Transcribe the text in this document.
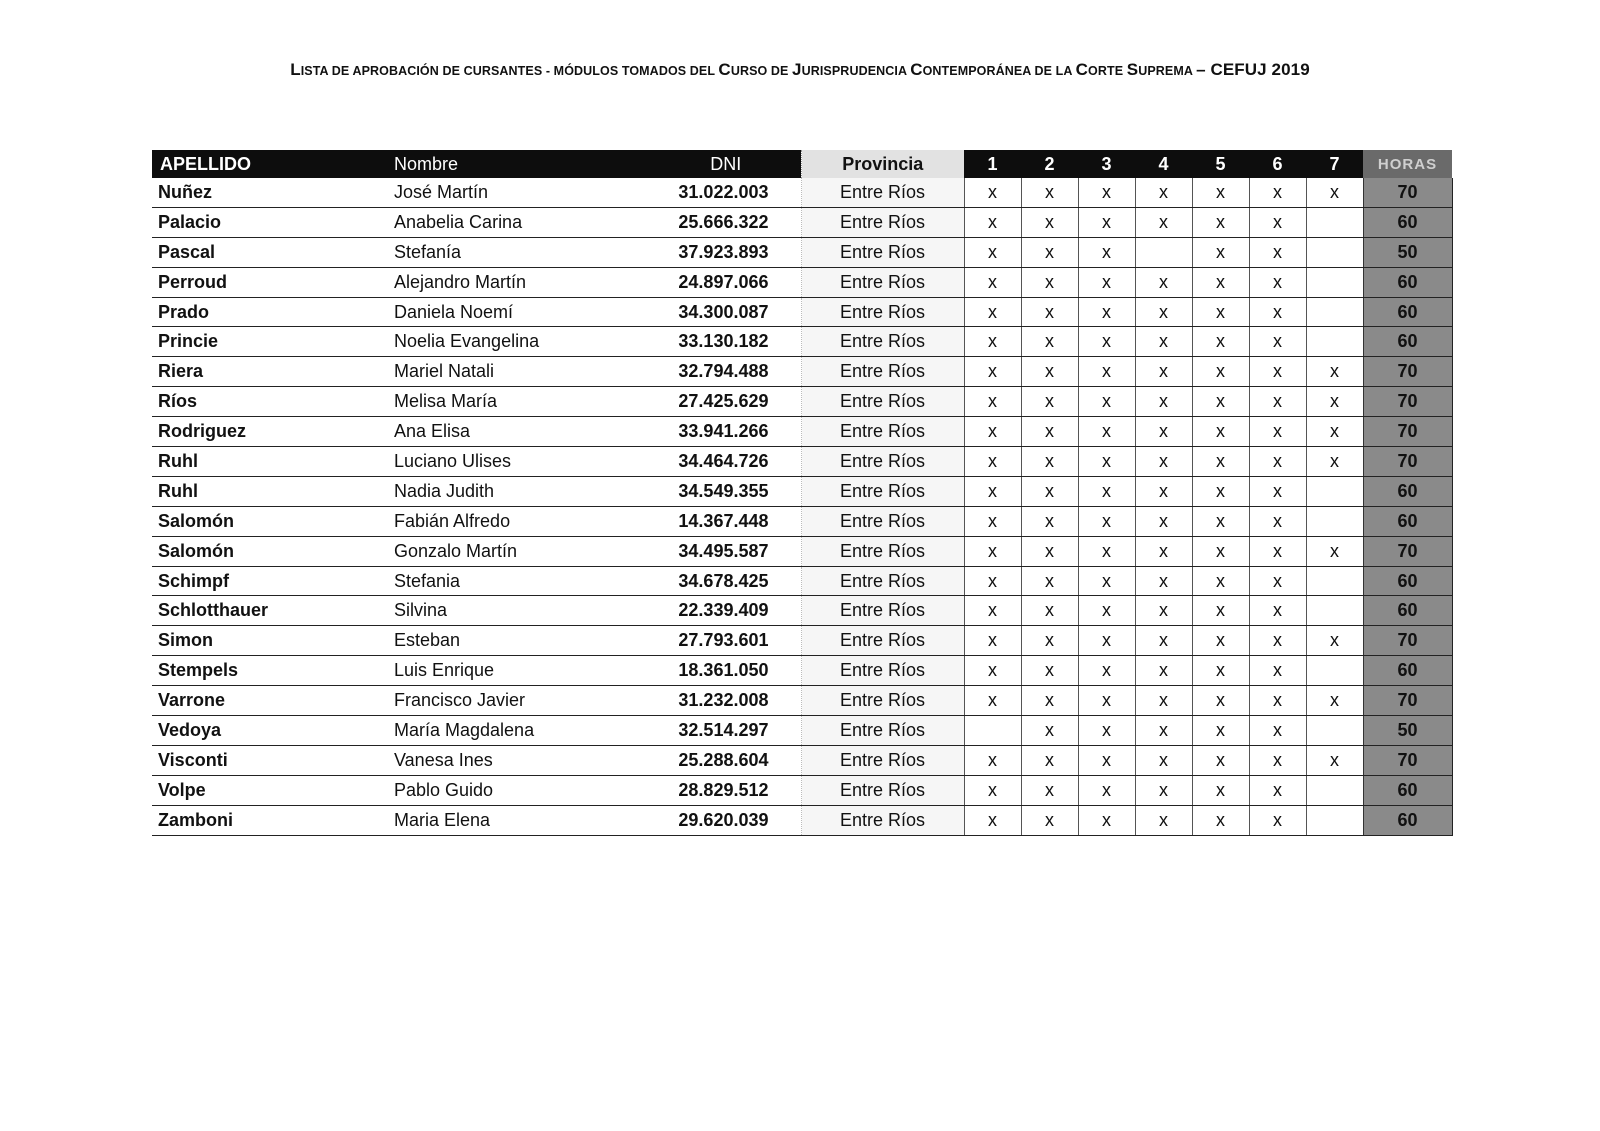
LISTA DE APROBACIÓN DE CURSANTES - MÓDULOS TOMADOS DEL CURSO DE JURISPRUDENCIA CONTEMPORÁNEA DE LA CORTE SUPREMA – CEFUJ 2019
APELLIDO	Nombre	DNI	Provincia	1	2	3	4	5	6	7	HORAS
Nuñez	José Martín	31.022.003	Entre Ríos	x	x	x	x	x	x	x	70
Palacio	Anabelia Carina	25.666.322	Entre Ríos	x	x	x	x	x	x		60
Pascal	Stefanía	37.923.893	Entre Ríos	x	x	x		x	x		50
Perroud	Alejandro Martín	24.897.066	Entre Ríos	x	x	x	x	x	x		60
Prado	Daniela Noemí	34.300.087	Entre Ríos	x	x	x	x	x	x		60
Princie	Noelia Evangelina	33.130.182	Entre Ríos	x	x	x	x	x	x		60
Riera	Mariel Natali	32.794.488	Entre Ríos	x	x	x	x	x	x	x	70
Ríos	Melisa María	27.425.629	Entre Ríos	x	x	x	x	x	x	x	70
Rodriguez	Ana Elisa	33.941.266	Entre Ríos	x	x	x	x	x	x	x	70
Ruhl	Luciano Ulises	34.464.726	Entre Ríos	x	x	x	x	x	x	x	70
Ruhl	Nadia Judith	34.549.355	Entre Ríos	x	x	x	x	x	x		60
Salomón	Fabián Alfredo	14.367.448	Entre Ríos	x	x	x	x	x	x		60
Salomón	Gonzalo Martín	34.495.587	Entre Ríos	x	x	x	x	x	x	x	70
Schimpf	Stefania	34.678.425	Entre Ríos	x	x	x	x	x	x		60
Schlotthauer	Silvina	22.339.409	Entre Ríos	x	x	x	x	x	x		60
Simon	Esteban	27.793.601	Entre Ríos	x	x	x	x	x	x	x	70
Stempels	Luis Enrique	18.361.050	Entre Ríos	x	x	x	x	x	x		60
Varrone	Francisco Javier	31.232.008	Entre Ríos	x	x	x	x	x	x	x	70
Vedoya	María Magdalena	32.514.297	Entre Ríos		x	x	x	x	x		50
Visconti	Vanesa Ines	25.288.604	Entre Ríos	x	x	x	x	x	x	x	70
Volpe	Pablo Guido	28.829.512	Entre Ríos	x	x	x	x	x	x		60
Zamboni	Maria Elena	29.620.039	Entre Ríos	x	x	x	x	x	x		60
